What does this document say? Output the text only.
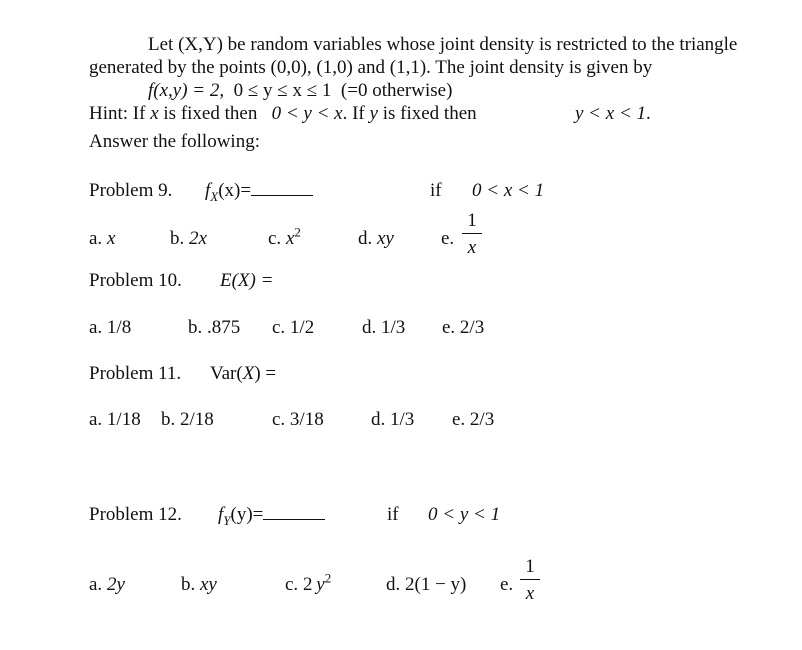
Let (X,Y) be random variables whose joint density is restricted to the triangle
generated by the points (0,0), (1,0) and (1,1). The joint density is given by
f(x,y) = 2, 0 ≤ y ≤ x ≤ 1 (=0 otherwise)
Hint: If x is fixed then 0 < y < x. If y is fixed then	y < x < 1.
Answer the following:
Problem 9. $f_X(x)=$	if 0 < x < 1
a. x	b. 2x	c. $x^2$	d. xy e.
1
x
Problem 10. E(X) =
a. 1/8	b. .875 c. 1/2	d. 1/3 e. 2/3
Problem 11. Var(X) =
a. 1/18 b. 2/18	c. 3/18 d. 1/3 e. 2/3
Problem 12. $f_Y(y)=$	if 0 < y < 1
a. 2y	b. xy	c. 2  $y^2$	d. 2(1 − y) e.
1
x
